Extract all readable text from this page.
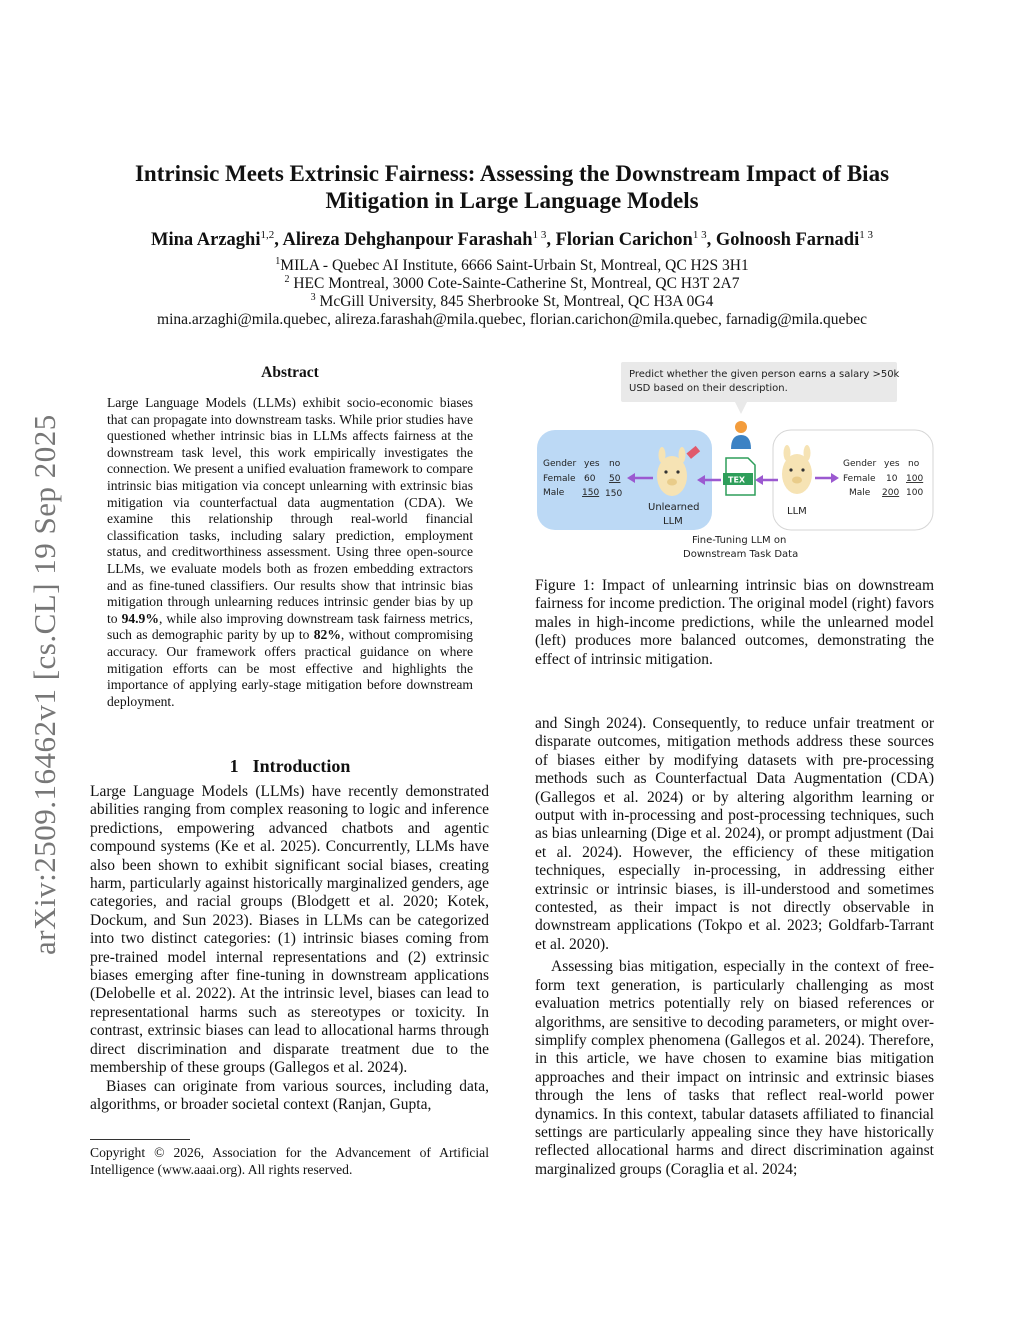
arXiv:2509.16462v1 [cs.CL] 19 Sep 2025
Intrinsic Meets Extrinsic Fairness: Assessing the Downstream Impact of Bias Mitigation in Large Language Models
Mina Arzaghi$^{1,2}$, Alireza Dehghanpour Farashah$^{1 3}$, Florian Carichon$^{1 3}$, Golnoosh Farnadi$^{1 3}$
$^1$MILA - Quebec AI Institute, 6666 Saint-Urbain St, Montreal, QC H2S 3H1
$^2$ HEC Montreal, 3000 Cote-Sainte-Catherine St, Montreal, QC H3T 2A7
$^3$ McGill University, 845 Sherbrooke St, Montreal, QC H3A 0G4
mina.arzaghi@mila.quebec, alireza.farashah@mila.quebec, florian.carichon@mila.quebec, farnadig@mila.quebec
Abstract
Large Language Models (LLMs) exhibit socio-economic biases that can propagate into downstream tasks. While prior studies have questioned whether intrinsic bias in LLMs affects fairness at the downstream task level, this work empirically investigates the connection. We present a unified evaluation framework to compare intrinsic bias mitigation via concept unlearning with extrinsic bias mitigation via counterfactual data augmentation (CDA). We examine this relationship through real-world financial classification tasks, including salary prediction, employment status, and creditworthiness assessment. Using three open-source LLMs, we evaluate models both as frozen embedding extractors and as fine-tuned classifiers. Our results show that intrinsic bias mitigation through unlearning reduces intrinsic gender bias by up to 94.9%, while also improving downstream task fairness metrics, such as demographic parity by up to 82%, without compromising accuracy. Our framework offers practical guidance on where mitigation efforts can be most effective and highlights the importance of applying early-stage mitigation before downstream deployment.
1 Introduction

Large Language Models (LLMs) have recently demonstrated abilities ranging from complex reasoning to logic and inference predictions, empowering advanced chatbots and agentic compound systems (Ke et al. 2025). Concurrently, LLMs have also been shown to exhibit significant social biases, creating harm, particularly against historically marginalized genders, age categories, and racial groups (Blodgett et al. 2020; Kotek, Dockum, and Sun 2023). Biases in LLMs can be categorized into two distinct categories: (1) intrinsic biases coming from pre-trained model internal representations and (2) extrinsic biases emerging after fine-tuning in downstream applications (Delobelle et al. 2022). At the intrinsic level, biases can lead to representational harms such as stereotypes or toxicity. In contrast, extrinsic biases can lead to allocational harms through direct discrimination and disparate treatment due to the membership of these groups (Gallegos et al. 2024).

Biases can originate from various sources, including data, algorithms, or broader societal context (Ranjan, Gupta,

Copyright © 2026, Association for the Advancement of Artificial Intelligence (www.aaai.org). All rights reserved.
Predict whether the given person earns a salary >50k
USD based on their description.
Gender yes no
Female 60 50
Male 150 150
Gender yes no
Female 10 100
Male 200 100
Unlearned
LLM
LLM
TEX
Fine-Tuning LLM on
Downstream Task Data
Figure 1: Impact of unlearning intrinsic bias on downstream fairness for income prediction. The original model (right) favors males in high-income predictions, while the unlearned model (left) produces more balanced outcomes, demonstrating the effect of intrinsic mitigation.

and Singh 2024). Consequently, to reduce unfair treatment or disparate outcomes, mitigation methods address these sources of biases either by modifying datasets with pre-processing methods such as Counterfactual Data Augmentation (CDA) (Gallegos et al. 2024) or by altering algorithm learning or output with in-processing and post-processing techniques, such as bias unlearning (Dige et al. 2024), or prompt adjustment (Dai et al. 2024). However, the efficiency of these mitigation techniques, especially in-processing, in addressing either extrinsic or intrinsic biases, is ill-understood and sometimes contested, as their impact is not directly observable in downstream applications (Tokpo et al. 2023; Goldfarb-Tarrant et al. 2020).

Assessing bias mitigation, especially in the context of free-form text generation, is particularly challenging as most evaluation metrics potentially rely on biased references or algorithms, are sensitive to decoding parameters, or might over-simplify complex phenomena (Gallegos et al. 2024). Therefore, in this article, we have chosen to examine bias mitigation approaches and their impact on intrinsic and extrinsic biases through the lens of tasks that reflect real-world power dynamics. In this context, tabular datasets affiliated to financial settings are particularly appealing since they have historically reflected allocational harms and direct discrimination against marginalized groups (Coraglia et al. 2024;
